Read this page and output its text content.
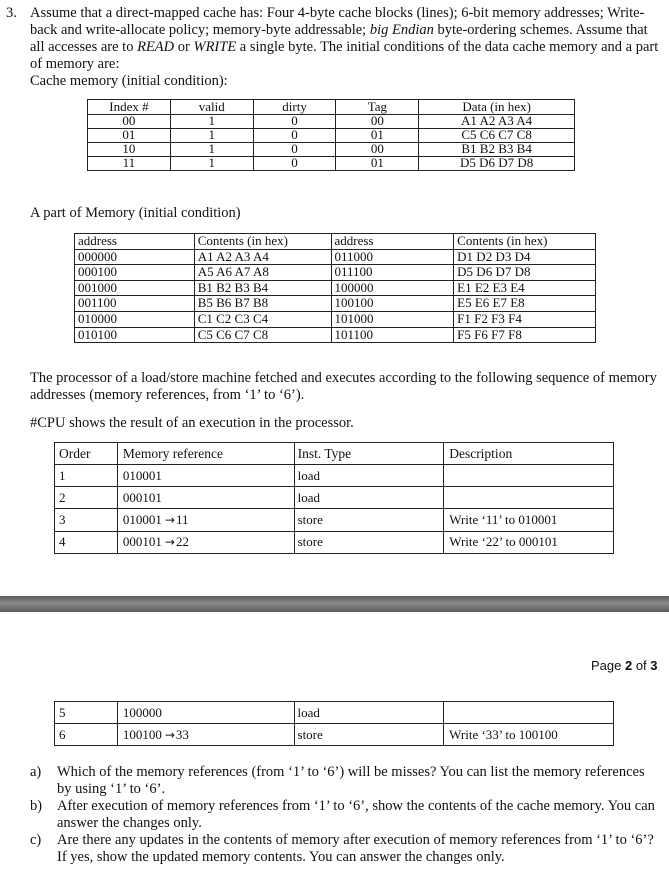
3. Assume that a direct-mapped cache has: Four 4-byte cache blocks (lines); 6-bit memory addresses; Write-
back and write-allocate policy; memory-byte addressable; big Endian byte-ordering schemes. Assume that
all accesses are to READ or WRITE a single byte. The initial conditions of the data cache memory and a part
of memory are:
Cache memory (initial condition):
Index #	valid	dirty	Tag	Data (in hex)
00	1	0	00	A1 A2 A3 A4
01	1	0	01	C5 C6 C7 C8
10	1	0	00	B1 B2 B3 B4
11	1	0	01	D5 D6 D7 D8
A part of Memory (initial condition)
address	Contents (in hex)	address	Contents (in hex)
000000	A1 A2 A3 A4	011000	D1 D2 D3 D4
000100	A5 A6 A7 A8	011100	D5 D6 D7 D8
001000	B1 B2 B3 B4	100000	E1 E2 E3 E4
001100	B5 B6 B7 B8	100100	E5 E6 E7 E8
010000	C1 C2 C3 C4	101000	F1 F2 F3 F4
010100	C5 C6 C7 C8	101100	F5 F6 F7 F8
The processor of a load/store machine fetched and executes according to the following sequence of memory
addresses (memory references, from ‘1’ to ‘6’).
#CPU shows the result of an execution in the processor.
Order	Memory reference	Inst. Type	Description
1	010001	load	
2	000101	load	
3	010001 →11	store	Write ‘11’ to 010001
4	000101 →22	store	Write ‘22’ to 000101
Page 2 of 3
5	100000	load	
6	100100 →33	store	Write ‘33’ to 100100
a) Which of the memory references (from ‘1’ to ‘6’) will be misses? You can list the memory references by using ‘1’ to ‘6’.
b) After execution of memory references from ‘1’ to ‘6’, show the contents of the cache memory. You can answer the changes only.
c) Are there any updates in the contents of memory after execution of memory references from ‘1’ to ‘6’? If yes, show the updated memory contents. You can answer the changes only.
